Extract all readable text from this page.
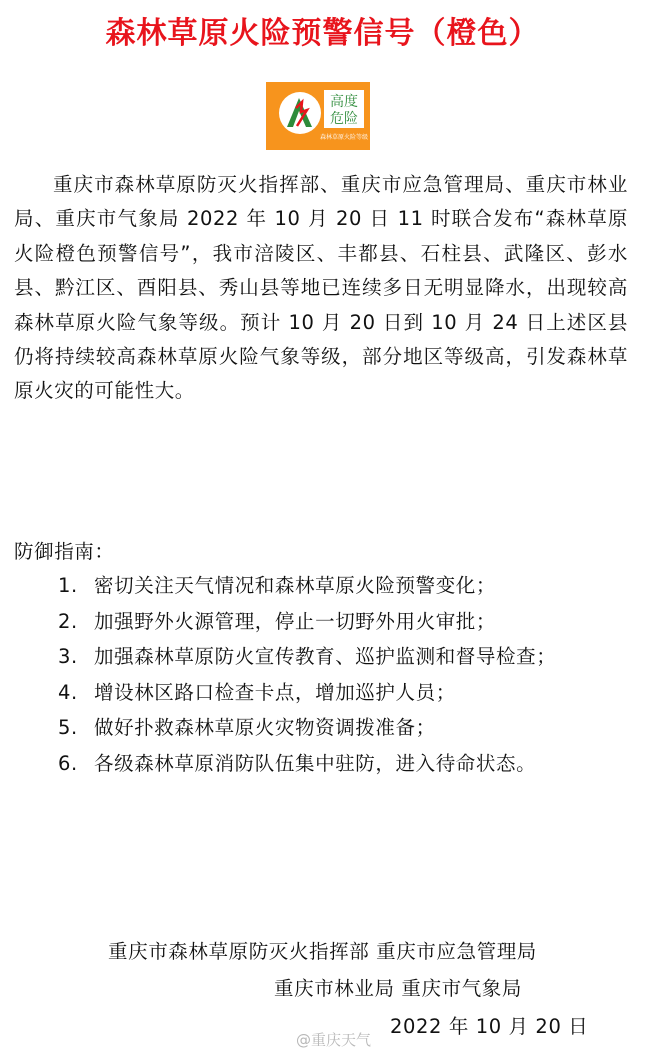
森林草原火险预警信号（橙色）
高度
危险
森林草原火险等级
重庆市森林草原防灭火指挥部、重庆市应急管理局、重庆市林业局、重庆市气象局 2022 年 10 月 20 日 11 时联合发布“森林草原火险橙色预警信号”，我市涪陵区、丰都县、石柱县、武隆区、彭水县、黔江区、酉阳县、秀山县等地已连续多日无明显降水，出现较高森林草原火险气象等级。预计 10 月 20 日到 10 月 24 日上述区县仍将持续较高森林草原火险气象等级，部分地区等级高，引发森林草原火灾的可能性大。
防御指南：
1. 密切关注天气情况和森林草原火险预警变化；
2. 加强野外火源管理，停止一切野外用火审批；
3. 加强森林草原防火宣传教育、巡护监测和督导检查；
4. 增设林区路口检查卡点，增加巡护人员；
5. 做好扑救森林草原火灾物资调拨准备；
6. 各级森林草原消防队伍集中驻防，进入待命状态。
重庆市森林草原防灭火指挥部 重庆市应急管理局
重庆市林业局 重庆市气象局
2022 年 10 月 20 日
@重庆天气
